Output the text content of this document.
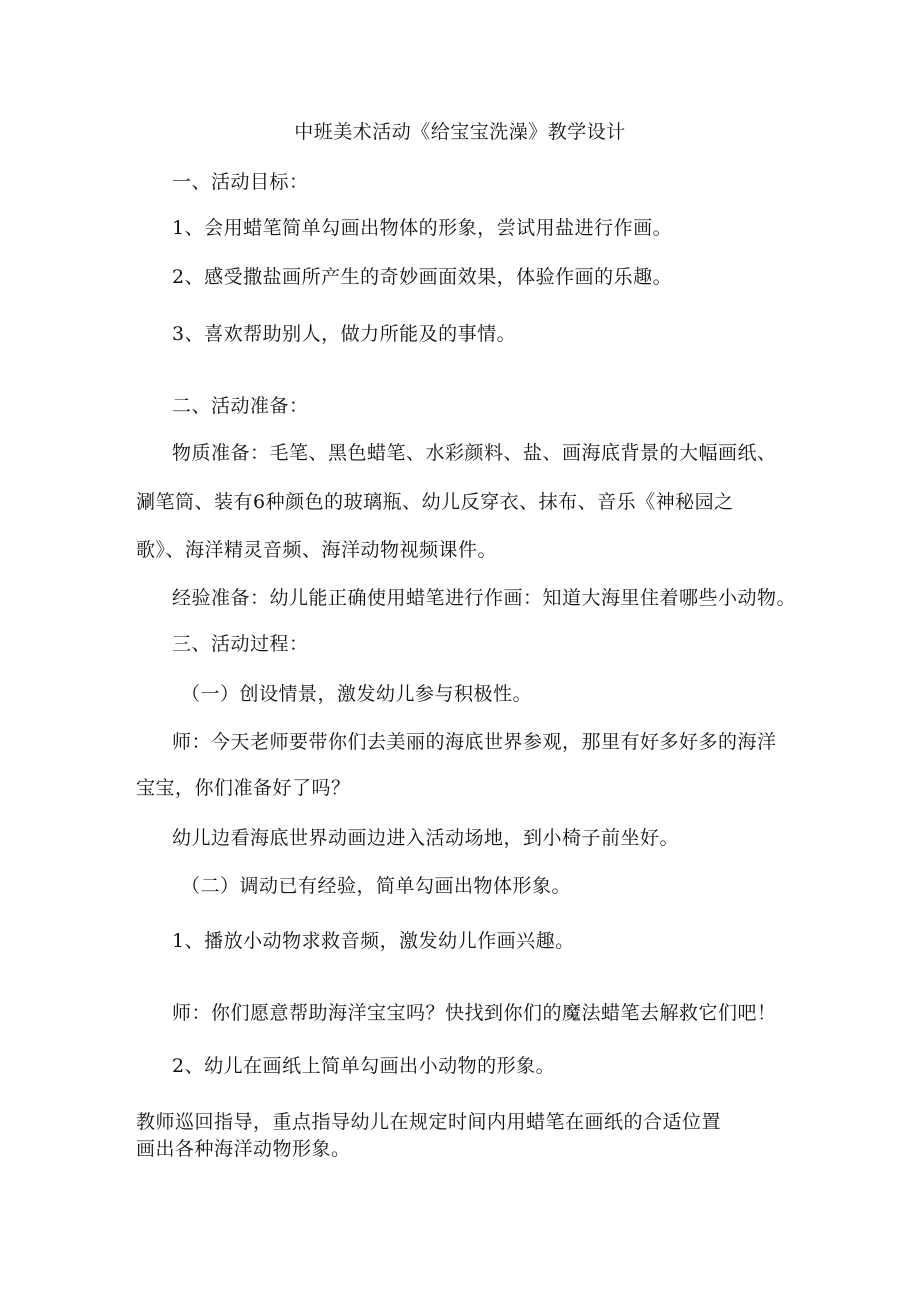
中班美术活动《给宝宝洗澡》教学设计
一、活动目标：
1、会用蜡笔简单勾画出物体的形象，尝试用盐进行作画。
2、感受撒盐画所产生的奇妙画面效果，体验作画的乐趣。
3、喜欢帮助别人，做力所能及的事情。
二、活动准备：
物质准备：毛笔、黑色蜡笔、水彩颜料、盐、画海底背景的大幅画纸、
涮笔筒、装有6种颜色的玻璃瓶、幼儿反穿衣、抹布、音乐《神秘园之
歌》、海洋精灵音频、海洋动物视频课件。
经验准备：幼儿能正确使用蜡笔进行作画：知道大海里住着哪些小动物。
三、活动过程：
（一）创设情景，激发幼儿参与积极性。
师：今天老师要带你们去美丽的海底世界参观，那里有好多好多的海洋
宝宝，你们准备好了吗？
幼儿边看海底世界动画边进入活动场地，到小椅子前坐好。
（二）调动已有经验，简单勾画出物体形象。
1、播放小动物求救音频，激发幼儿作画兴趣。
师：你们愿意帮助海洋宝宝吗？快找到你们的魔法蜡笔去解救它们吧！
2、幼儿在画纸上简单勾画出小动物的形象。
教师巡回指导，重点指导幼儿在规定时间内用蜡笔在画纸的合适位置
画出各种海洋动物形象。
